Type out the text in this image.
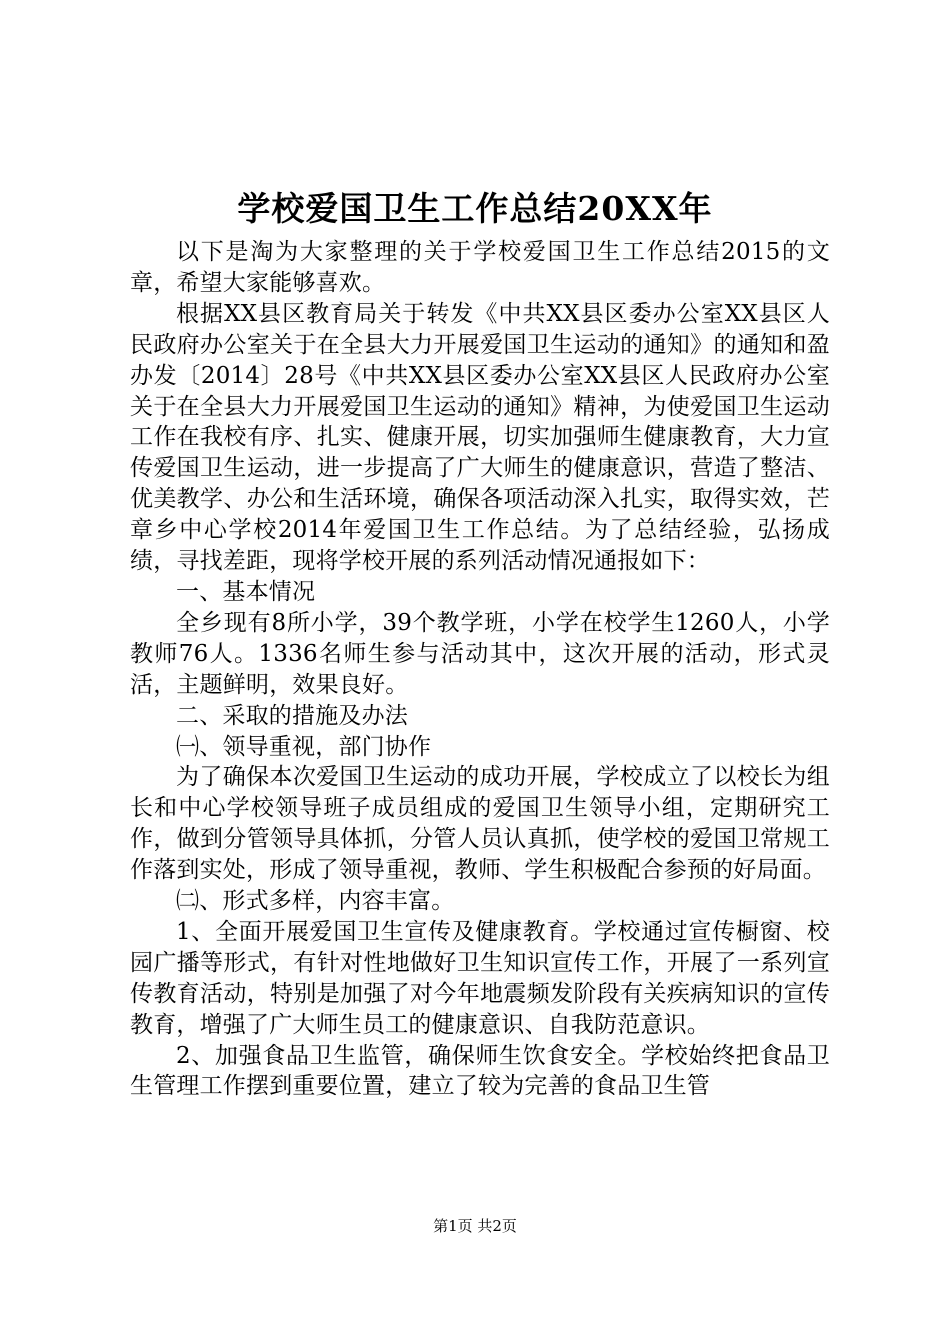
学校爱国卫生工作总结20XX年

以下是淘为大家整理的关于学校爱国卫生工作总结2015的文章，希望大家能够喜欢。

根据XX县区教育局关于转发《中共XX县区委办公室XX县区人民政府办公室关于在全县大力开展爱国卫生运动的通知》的通知和盈办发〔2014〕28号《中共XX县区委办公室XX县区人民政府办公室关于在全县大力开展爱国卫生运动的通知》精神，为使爱国卫生运动工作在我校有序、扎实、健康开展，切实加强师生健康教育，大力宣传爱国卫生运动，进一步提高了广大师生的健康意识，营造了整洁、优美教学、办公和生活环境，确保各项活动深入扎实，取得实效，芒章乡中心学校2014年爱国卫生工作总结。为了总结经验，弘扬成绩，寻找差距，现将学校开展的系列活动情况通报如下：

一、基本情况

全乡现有8所小学，39个教学班，小学在校学生1260人，小学教师76人。1336名师生参与活动其中，这次开展的活动，形式灵活，主题鲜明，效果良好。

二、采取的措施及办法

㈠、领导重视，部门协作

为了确保本次爱国卫生运动的成功开展，学校成立了以校长为组长和中心学校领导班子成员组成的爱国卫生领导小组，定期研究工作，做到分管领导具体抓，分管人员认真抓，使学校的爱国卫常规工作落到实处，形成了领导重视，教师、学生积极配合参预的好局面。

㈡、形式多样，内容丰富。

1、全面开展爱国卫生宣传及健康教育。学校通过宣传橱窗、校园广播等形式，有针对性地做好卫生知识宣传工作，开展了一系列宣传教育活动，特别是加强了对今年地震频发阶段有关疾病知识的宣传教育，增强了广大师生员工的健康意识、自我防范意识。

2、加强食品卫生监管，确保师生饮食安全。学校始终把食品卫生管理工作摆到重要位置，建立了较为完善的食品卫生管

第1页 共2页
